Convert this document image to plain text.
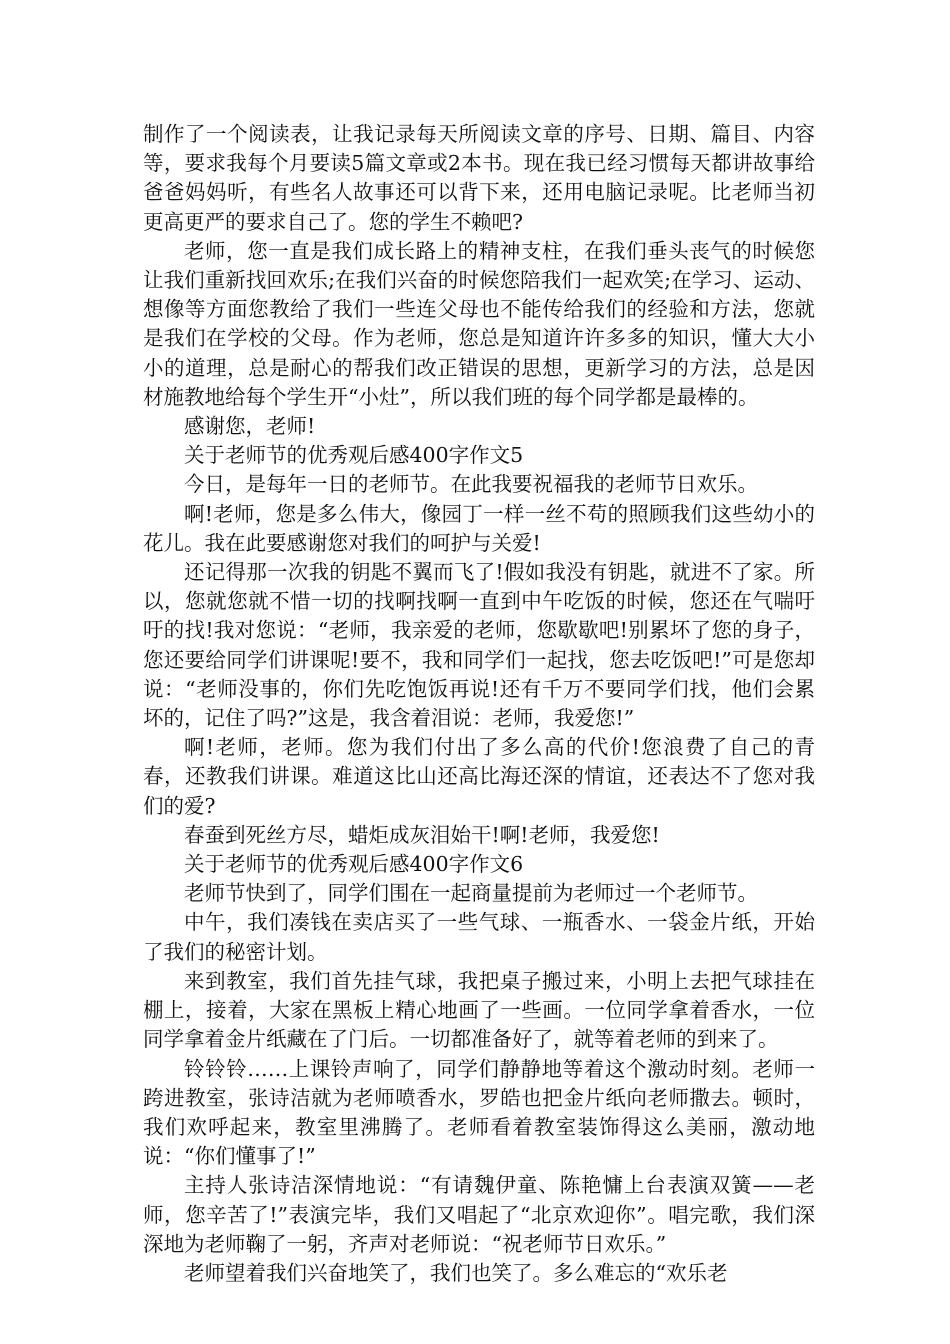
制作了一个阅读表，让我记录每天所阅读文章的序号、日期、篇目、内容等，要求我每个月要读5篇文章或2本书。现在我已经习惯每天都讲故事给爸爸妈妈听，有些名人故事还可以背下来，还用电脑记录呢。比老师当初更高更严的要求自己了。您的学生不赖吧?

老师，您一直是我们成长路上的精神支柱，在我们垂头丧气的时候您让我们重新找回欢乐;在我们兴奋的时候您陪我们一起欢笑;在学习、运动、想像等方面您教给了我们一些连父母也不能传给我们的经验和方法，您就是我们在学校的父母。作为老师，您总是知道许许多多的知识，懂大大小小的道理，总是耐心的帮我们改正错误的思想，更新学习的方法，总是因材施教地给每个学生开“小灶”，所以我们班的每个同学都是最棒的。

感谢您，老师!

关于老师节的优秀观后感400字作文5

今日，是每年一日的老师节。在此我要祝福我的老师节日欢乐。

啊!老师，您是多么伟大，像园丁一样一丝不苟的照顾我们这些幼小的花儿。我在此要感谢您对我们的呵护与关爱!

还记得那一次我的钥匙不翼而飞了!假如我没有钥匙，就进不了家。所以，您就您就不惜一切的找啊找啊一直到中午吃饭的时候，您还在气喘吁吁的找!我对您说：“老师，我亲爱的老师，您歇歇吧!别累坏了您的身子，您还要给同学们讲课呢!要不，我和同学们一起找，您去吃饭吧!”可是您却说：“老师没事的，你们先吃饱饭再说!还有千万不要同学们找，他们会累坏的，记住了吗?”这是，我含着泪说：老师，我爱您!”

啊!老师，老师。您为我们付出了多么高的代价!您浪费了自己的青春，还教我们讲课。难道这比山还高比海还深的情谊，还表达不了您对我们的爱?

春蚕到死丝方尽，蜡炬成灰泪始干!啊!老师，我爱您!

关于老师节的优秀观后感400字作文6

老师节快到了，同学们围在一起商量提前为老师过一个老师节。

中午，我们凑钱在卖店买了一些气球、一瓶香水、一袋金片纸，开始了我们的秘密计划。

来到教室，我们首先挂气球，我把桌子搬过来，小明上去把气球挂在棚上，接着，大家在黑板上精心地画了一些画。一位同学拿着香水，一位同学拿着金片纸藏在了门后。一切都准备好了，就等着老师的到来了。

铃铃铃……上课铃声响了，同学们静静地等着这个激动时刻。老师一跨进教室，张诗洁就为老师喷香水，罗皓也把金片纸向老师撒去。顿时，我们欢呼起来，教室里沸腾了。老师看着教室装饰得这么美丽，激动地说：“你们懂事了!”

主持人张诗洁深情地说：“有请魏伊童、陈艳慵上台表演双簧——老师，您辛苦了!”表演完毕，我们又唱起了“北京欢迎你”。唱完歌，我们深深地为老师鞠了一躬，齐声对老师说：“祝老师节日欢乐。”

老师望着我们兴奋地笑了，我们也笑了。多么难忘的“欢乐老
